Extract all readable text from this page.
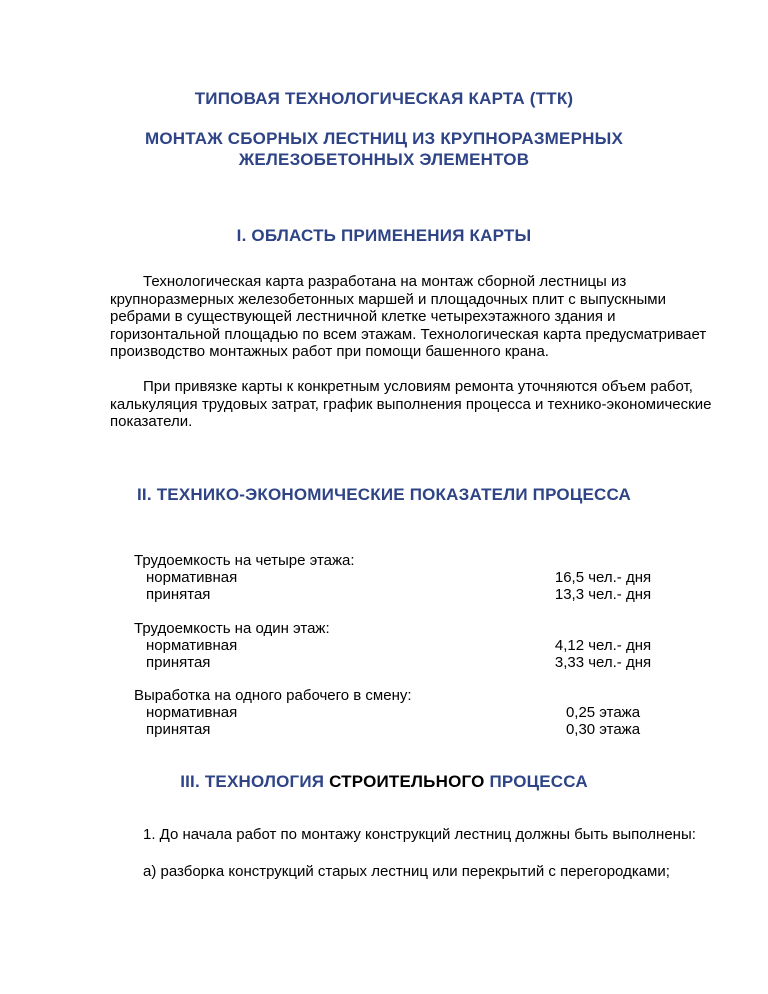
ТИПОВАЯ ТЕХНОЛОГИЧЕСКАЯ КАРТА (ТТК)
МОНТАЖ СБОРНЫХ ЛЕСТНИЦ ИЗ КРУПНОРАЗМЕРНЫХ
ЖЕЛЕЗОБЕТОННЫХ ЭЛЕМЕНТОВ
I. ОБЛАСТЬ ПРИМЕНЕНИЯ КАРТЫ
Технологическая карта разработана на монтаж сборной лестницы из крупноразмерных железобетонных маршей и площадочных плит с выпускными ребрами в существующей лестничной клетке четырехэтажного здания и горизонтальной площадью по всем этажам. Технологическая карта предусматривает производство монтажных работ при помощи башенного крана.
При привязке карты к конкретным условиям ремонта уточняются объем работ, калькуляция трудовых затрат, график выполнения процесса и технико-экономические показатели.
II. ТЕХНИКО-ЭКОНОМИЧЕСКИЕ ПОКАЗАТЕЛИ ПРОЦЕССА
Трудоемкость на четыре этажа:
нормативная	16,5 чел.- дня
принятая	13,3 чел.- дня
Трудоемкость на один этаж:
нормативная	4,12 чел.- дня
принятая	3,33 чел.- дня
Выработка на одного рабочего в смену:
нормативная	0,25 этажа
принятая	0,30 этажа
III. ТЕХНОЛОГИЯ СТРОИТЕЛЬНОГО ПРОЦЕССА
1. До начала работ по монтажу конструкций лестниц должны быть выполнены:
а) разборка конструкций старых лестниц или перекрытий с перегородками;
